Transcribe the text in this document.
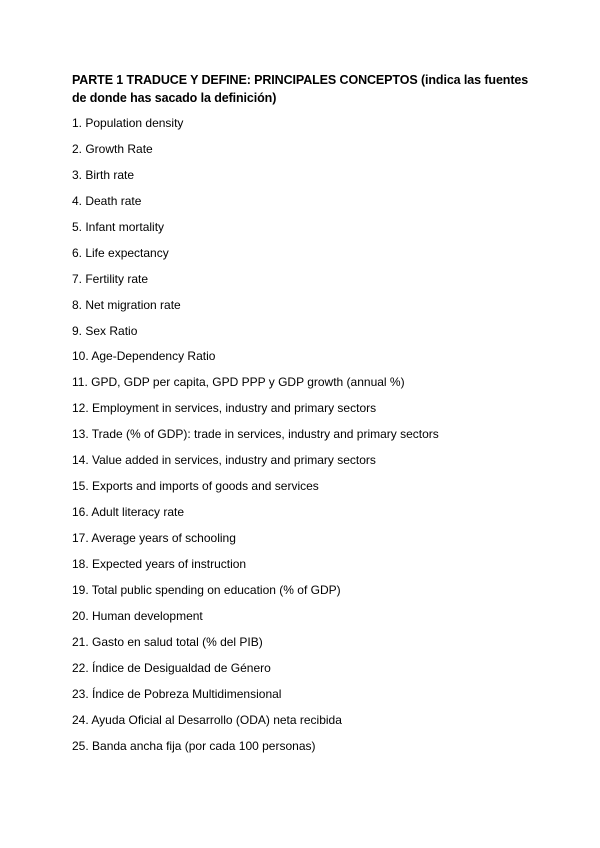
PARTE 1 TRADUCE Y DEFINE: PRINCIPALES CONCEPTOS (indica las fuentes de donde has sacado la definición)
1. Population density
2. Growth Rate
3. Birth rate
4. Death rate
5. Infant mortality
6. Life expectancy
7. Fertility rate
8. Net migration rate
9. Sex Ratio
10. Age-Dependency Ratio
11. GPD, GDP per capita, GPD PPP y GDP growth (annual %)
12. Employment in services, industry and primary sectors
13. Trade (% of GDP): trade in services, industry and primary sectors
14. Value added in services, industry and primary sectors
15. Exports and imports of goods and services
16. Adult literacy rate
17. Average years of schooling
18. Expected years of instruction
19. Total public spending on education (% of GDP)
20. Human development
21. Gasto en salud total (% del PIB)
22. Índice de Desigualdad de Género
23. Índice de Pobreza Multidimensional
24. Ayuda Oficial al Desarrollo (ODA) neta recibida
25. Banda ancha fija (por cada 100 personas)
